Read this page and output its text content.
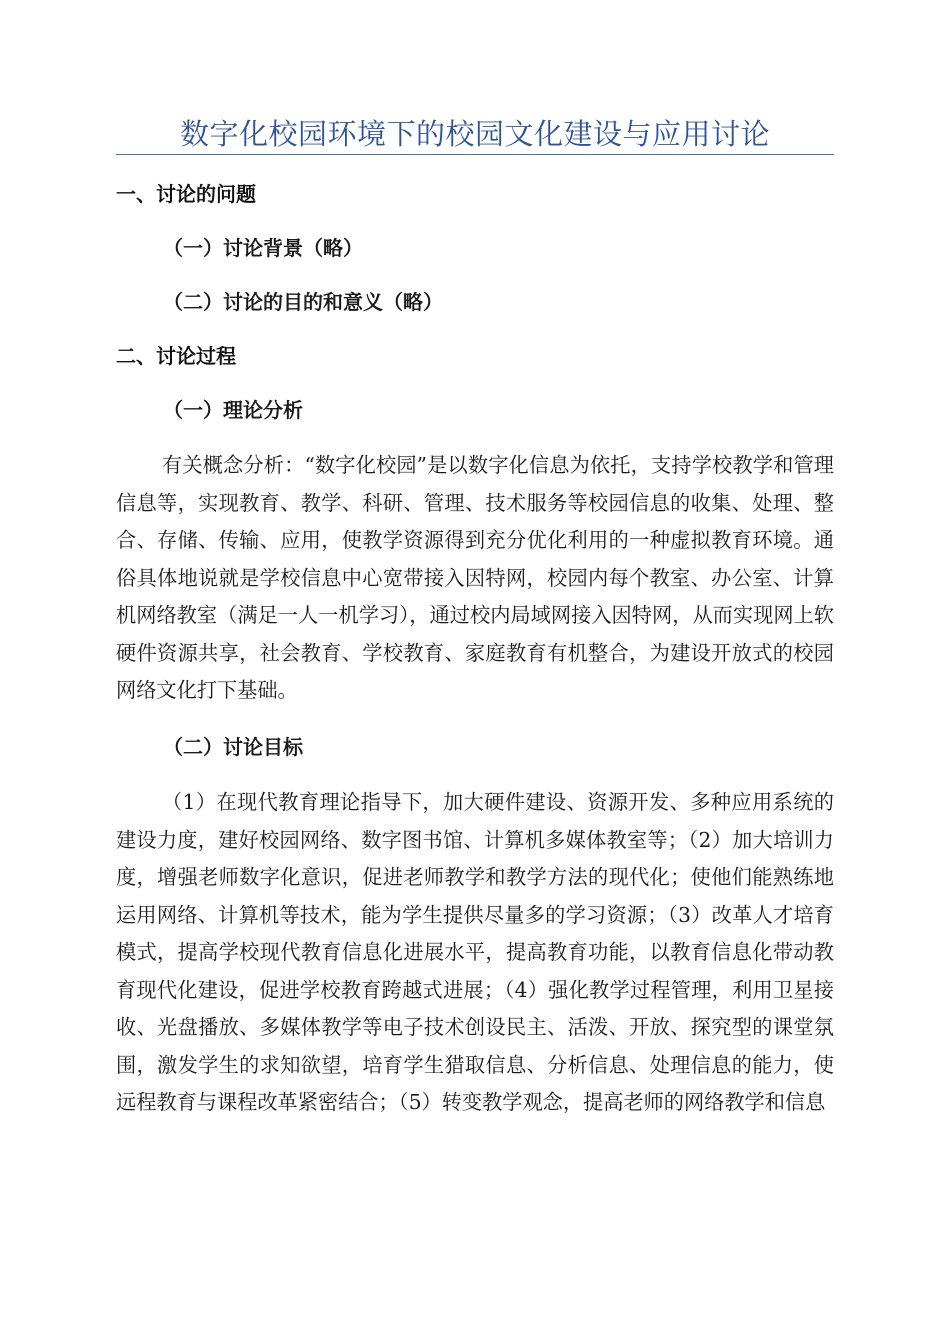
数字化校园环境下的校园文化建设与应用讨论
一、讨论的问题
（一）讨论背景（略）
（二）讨论的目的和意义（略）
二、讨论过程
（一）理论分析

有关概念分析：“数字化校园”是以数字化信息为依托，支持学校教学和管理信息等，实现教育、教学、科研、管理、技术服务等校园信息的收集、处理、整合、存储、传输、应用，使教学资源得到充分优化利用的一种虚拟教育环境。通俗具体地说就是学校信息中心宽带接入因特网，校园内每个教室、办公室、计算机网络教室（满足一人一机学习），通过校内局域网接入因特网，从而实现网上软硬件资源共享，社会教育、学校教育、家庭教育有机整合，为建设开放式的校园网络文化打下基础。

（二）讨论目标

（1）在现代教育理论指导下，加大硬件建设、资源开发、多种应用系统的建设力度，建好校园网络、数字图书馆、计算机多媒体教室等；（2）加大培训力度，增强老师数字化意识，促进老师教学和教学方法的现代化；使他们能熟练地运用网络、计算机等技术，能为学生提供尽量多的学习资源；（3）改革人才培育模式，提高学校现代教育信息化进展水平，提高教育功能，以教育信息化带动教育现代化建设，促进学校教育跨越式进展；（4）强化教学过程管理，利用卫星接收、光盘播放、多媒体教学等电子技术创设民主、活泼、开放、探究型的课堂氛围，激发学生的求知欲望，培育学生猎取信息、分析信息、处理信息的能力，使远程教育与课程改革紧密结合；（5）转变教学观念，提高老师的网络教学和信息
